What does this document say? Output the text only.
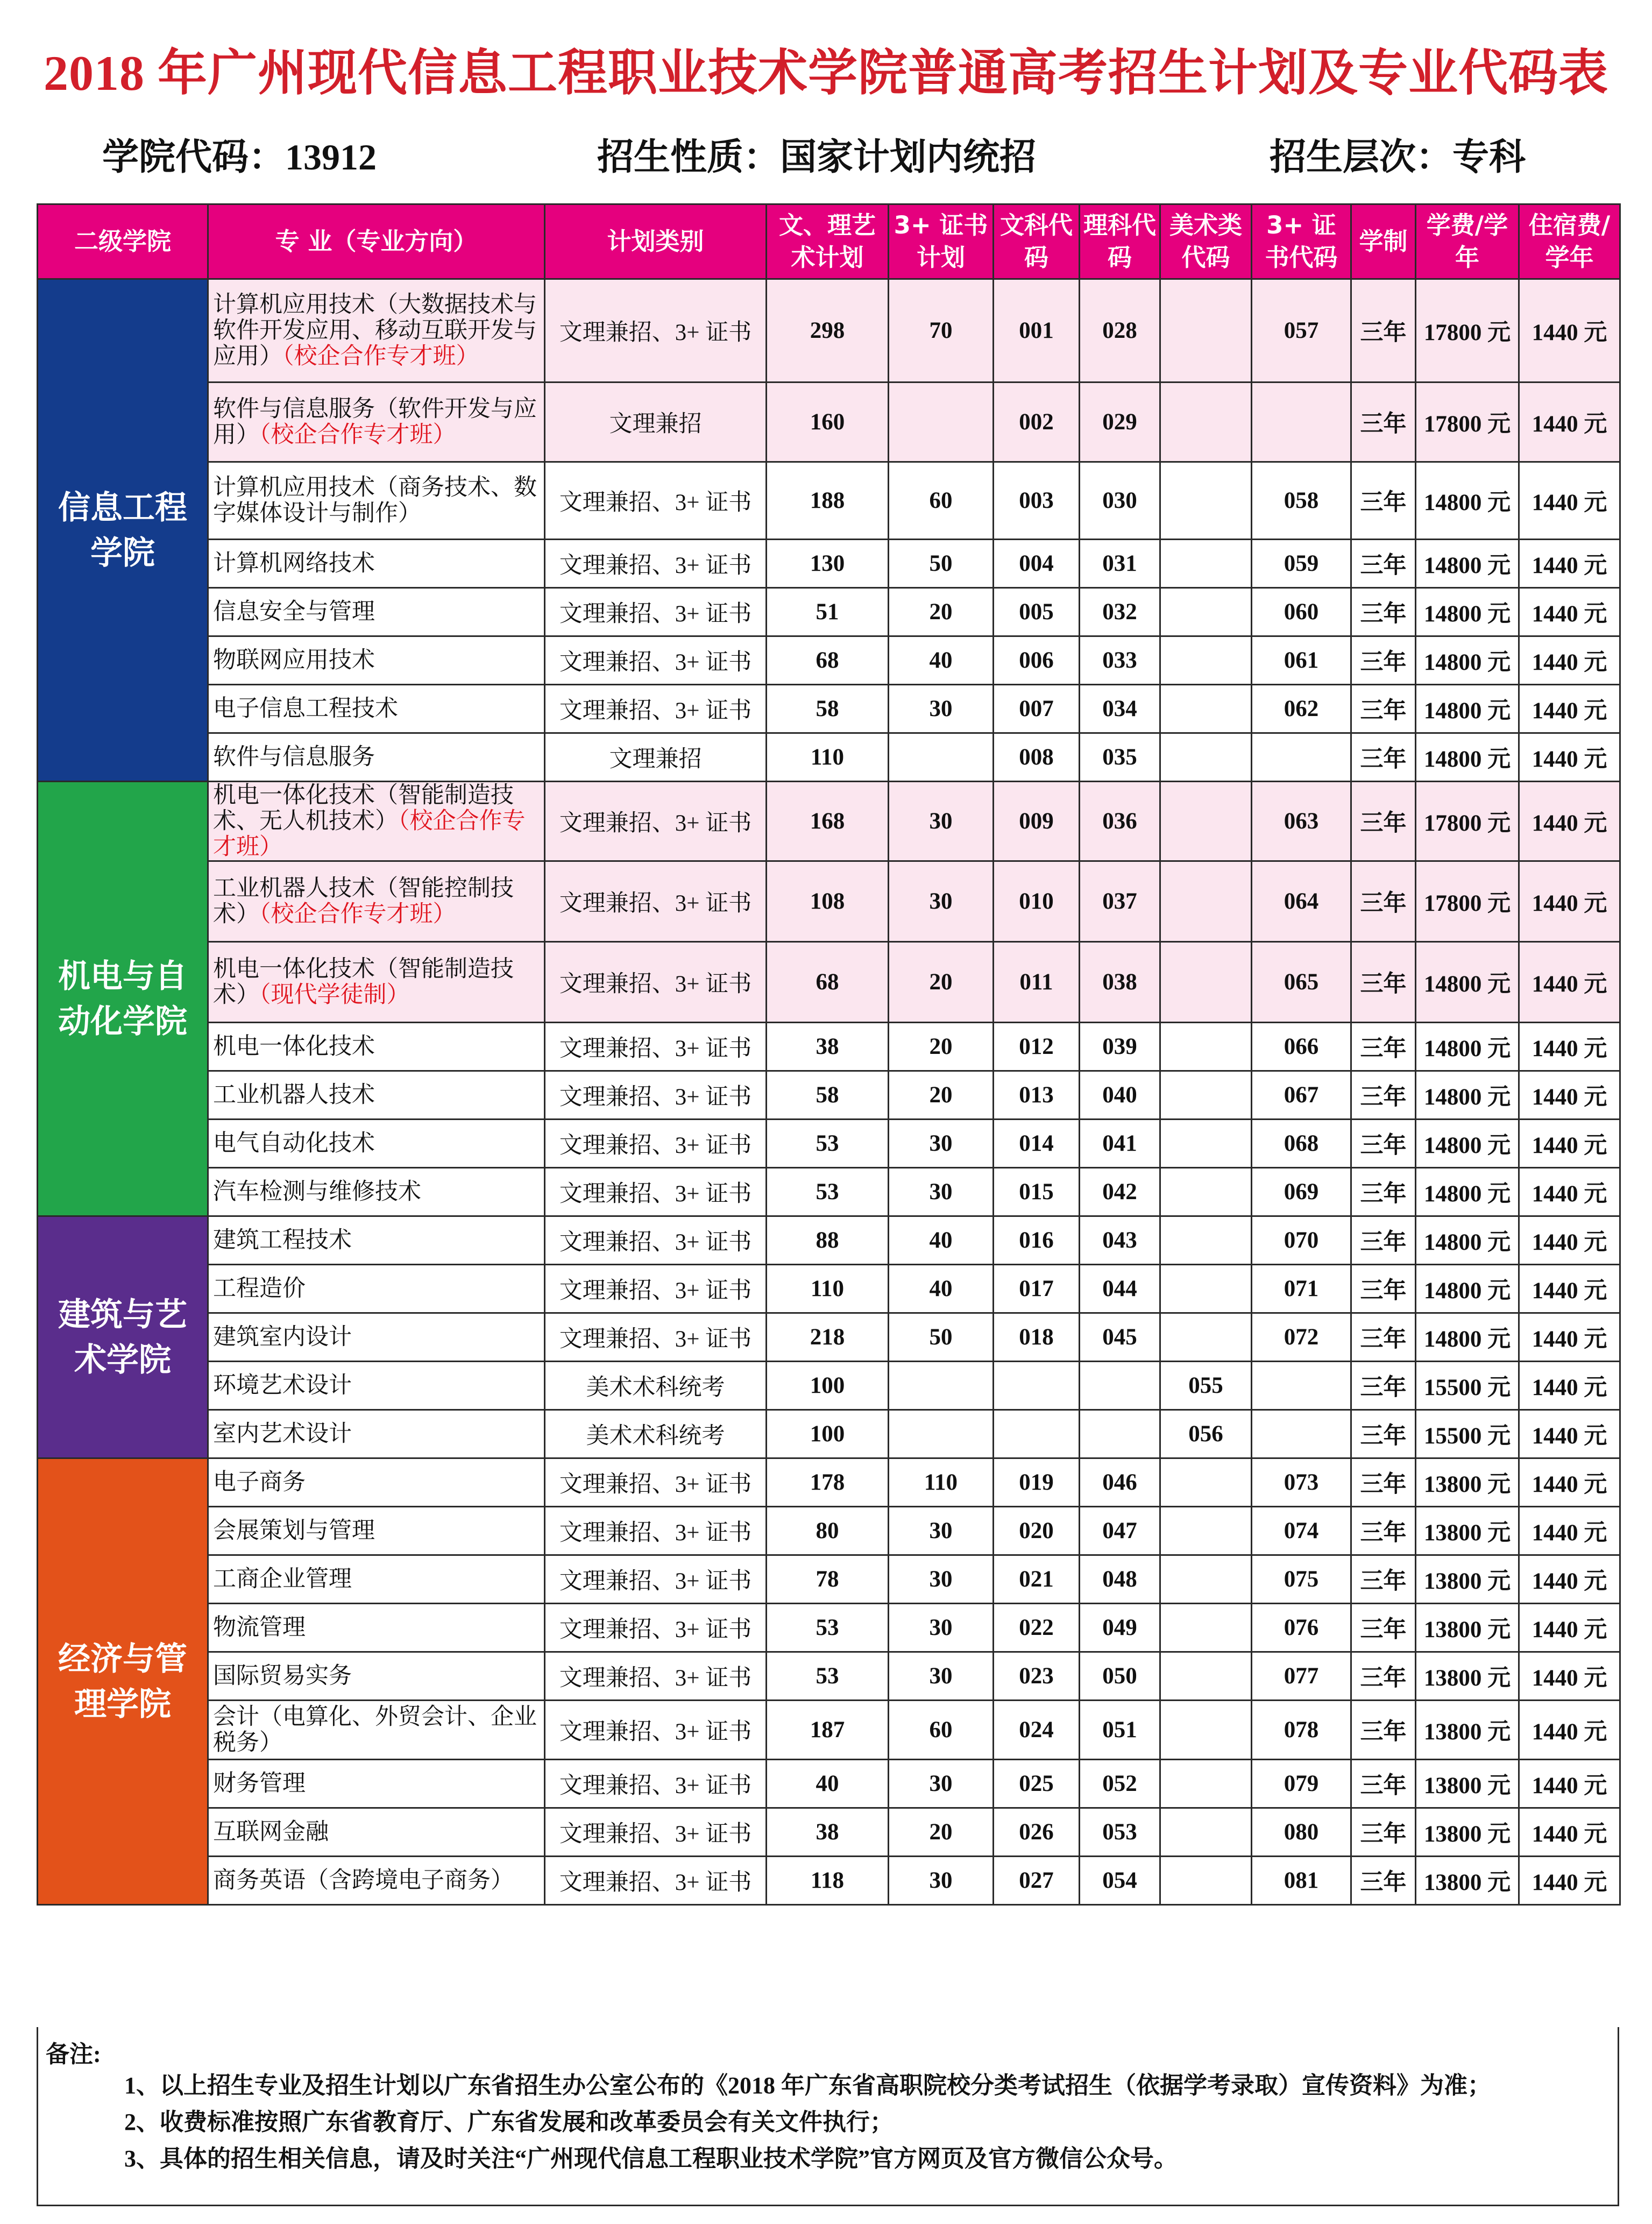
2018 年广州现代信息工程职业技术学院普通高考招生计划及专业代码表
学院代码：13912	招生性质：国家计划内统招	招生层次：专科
二级学院	专 业（专业方向）	计划类别	文、理艺术计划	3+ 证书计划	文科代码	理科代码	美术类代码	3+ 证书代码	学制	学费/学年	住宿费/学年
信息工程学院	计算机应用技术（大数据技术与软件开发应用、移动互联开发与应用）（校企合作专才班）	文理兼招、3+ 证书	298	70	001	028		057	三年	17800 元	1440 元
	软件与信息服务（软件开发与应用）（校企合作专才班）	文理兼招	160		002	029			三年	17800 元	1440 元
	计算机应用技术（商务技术、数字媒体设计与制作）	文理兼招、3+ 证书	188	60	003	030		058	三年	14800 元	1440 元
	计算机网络技术	文理兼招、3+ 证书	130	50	004	031		059	三年	14800 元	1440 元
	信息安全与管理	文理兼招、3+ 证书	51	20	005	032		060	三年	14800 元	1440 元
	物联网应用技术	文理兼招、3+ 证书	68	40	006	033		061	三年	14800 元	1440 元
	电子信息工程技术	文理兼招、3+ 证书	58	30	007	034		062	三年	14800 元	1440 元
	软件与信息服务	文理兼招	110		008	035			三年	14800 元	1440 元
机电与自动化学院	机电一体化技术（智能制造技术、无人机技术）（校企合作专才班）	文理兼招、3+ 证书	168	30	009	036		063	三年	17800 元	1440 元
	工业机器人技术（智能控制技术）（校企合作专才班）	文理兼招、3+ 证书	108	30	010	037		064	三年	17800 元	1440 元
	机电一体化技术（智能制造技术）（现代学徒制）	文理兼招、3+ 证书	68	20	011	038		065	三年	14800 元	1440 元
	机电一体化技术	文理兼招、3+ 证书	38	20	012	039		066	三年	14800 元	1440 元
	工业机器人技术	文理兼招、3+ 证书	58	20	013	040		067	三年	14800 元	1440 元
	电气自动化技术	文理兼招、3+ 证书	53	30	014	041		068	三年	14800 元	1440 元
	汽车检测与维修技术	文理兼招、3+ 证书	53	30	015	042		069	三年	14800 元	1440 元
建筑与艺术学院	建筑工程技术	文理兼招、3+ 证书	88	40	016	043		070	三年	14800 元	1440 元
	工程造价	文理兼招、3+ 证书	110	40	017	044		071	三年	14800 元	1440 元
	建筑室内设计	文理兼招、3+ 证书	218	50	018	045		072	三年	14800 元	1440 元
	环境艺术设计	美术术科统考	100				055		三年	15500 元	1440 元
	室内艺术设计	美术术科统考	100				056		三年	15500 元	1440 元
经济与管理学院	电子商务	文理兼招、3+ 证书	178	110	019	046		073	三年	13800 元	1440 元
	会展策划与管理	文理兼招、3+ 证书	80	30	020	047		074	三年	13800 元	1440 元
	工商企业管理	文理兼招、3+ 证书	78	30	021	048		075	三年	13800 元	1440 元
	物流管理	文理兼招、3+ 证书	53	30	022	049		076	三年	13800 元	1440 元
	国际贸易实务	文理兼招、3+ 证书	53	30	023	050		077	三年	13800 元	1440 元
	会计（电算化、外贸会计、企业税务）	文理兼招、3+ 证书	187	60	024	051		078	三年	13800 元	1440 元
	财务管理	文理兼招、3+ 证书	40	30	025	052		079	三年	13800 元	1440 元
	互联网金融	文理兼招、3+ 证书	38	20	026	053		080	三年	13800 元	1440 元
	商务英语（含跨境电子商务）	文理兼招、3+ 证书	118	30	027	054		081	三年	13800 元	1440 元
备注:
1、以上招生专业及招生计划以广东省招生办公室公布的《2018 年广东省高职院校分类考试招生（依据学考录取）宣传资料》为准；
2、收费标准按照广东省教育厅、广东省发展和改革委员会有关文件执行；
3、具体的招生相关信息，请及时关注“广州现代信息工程职业技术学院”官方网页及官方微信公众号。
